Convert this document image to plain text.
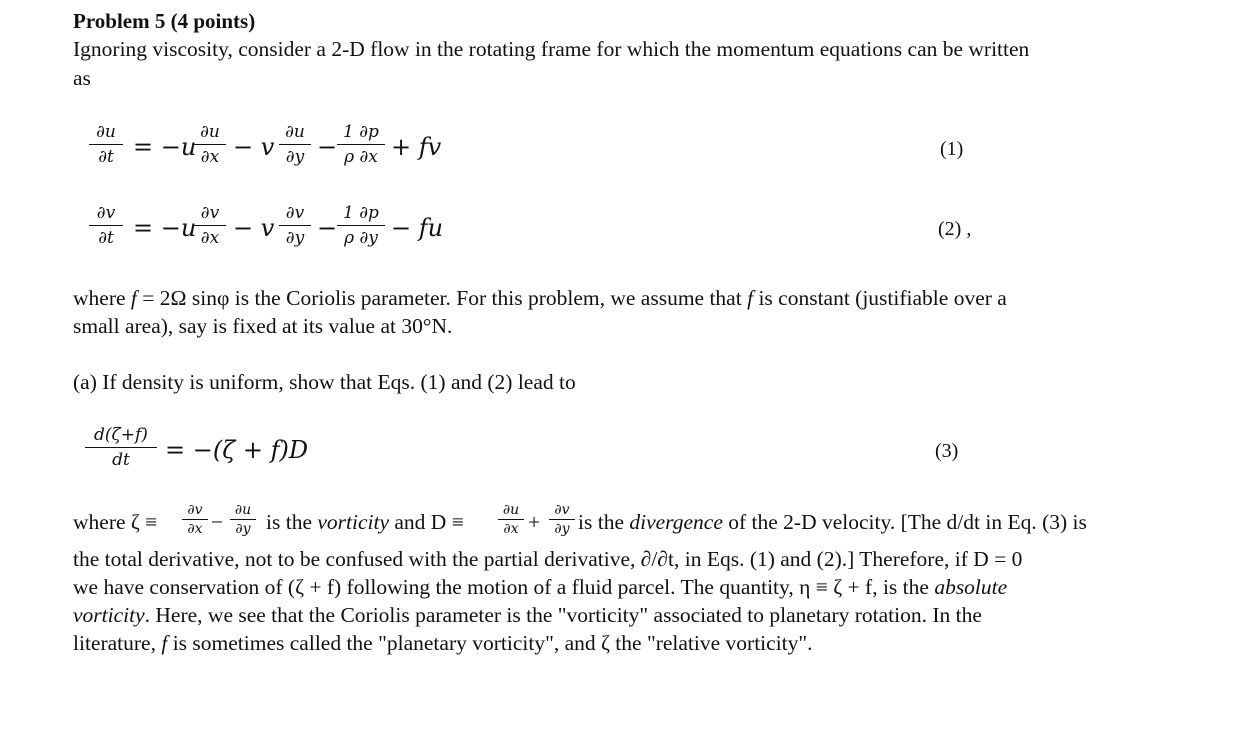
Problem 5 (4 points)
Ignoring viscosity, consider a 2-D flow in the rotating frame for which the momentum equations can be written
as
∂u
∂t = −u
∂u
∂x − v
∂u
∂y −
1 ∂p
ρ ∂x + fv	(1)
∂v
∂t = −u
∂v
∂x − v
∂v
∂y −
1 ∂p
ρ ∂y − fu	(2) ,
where f = 2Ω sinφ is the Coriolis parameter. For this problem, we assume that f is constant (justifiable over a
small area), say is fixed at its value at 30°N.
(a) If density is uniform, show that Eqs. (1) and (2) lead to
d(ζ+f)
dt	= −(ζ + f)D	(3)
where ζ ≡	∂v
∂x − ∂u
∂y is the vorticity and D ≡	∂u
∂x +	∂v
∂y is the divergence of the 2-D velocity. [The d/dt in Eq. (3) is
the total derivative, not to be confused with the partial derivative, ∂/∂t, in Eqs. (1) and (2).] Therefore, if D = 0
we have conservation of (ζ + f) following the motion of a fluid parcel. The quantity, η ≡ ζ + f, is the absolute
vorticity. Here, we see that the Coriolis parameter is the "vorticity" associated to planetary rotation. In the
literature, f is sometimes called the "planetary vorticity", and ζ the "relative vorticity".
